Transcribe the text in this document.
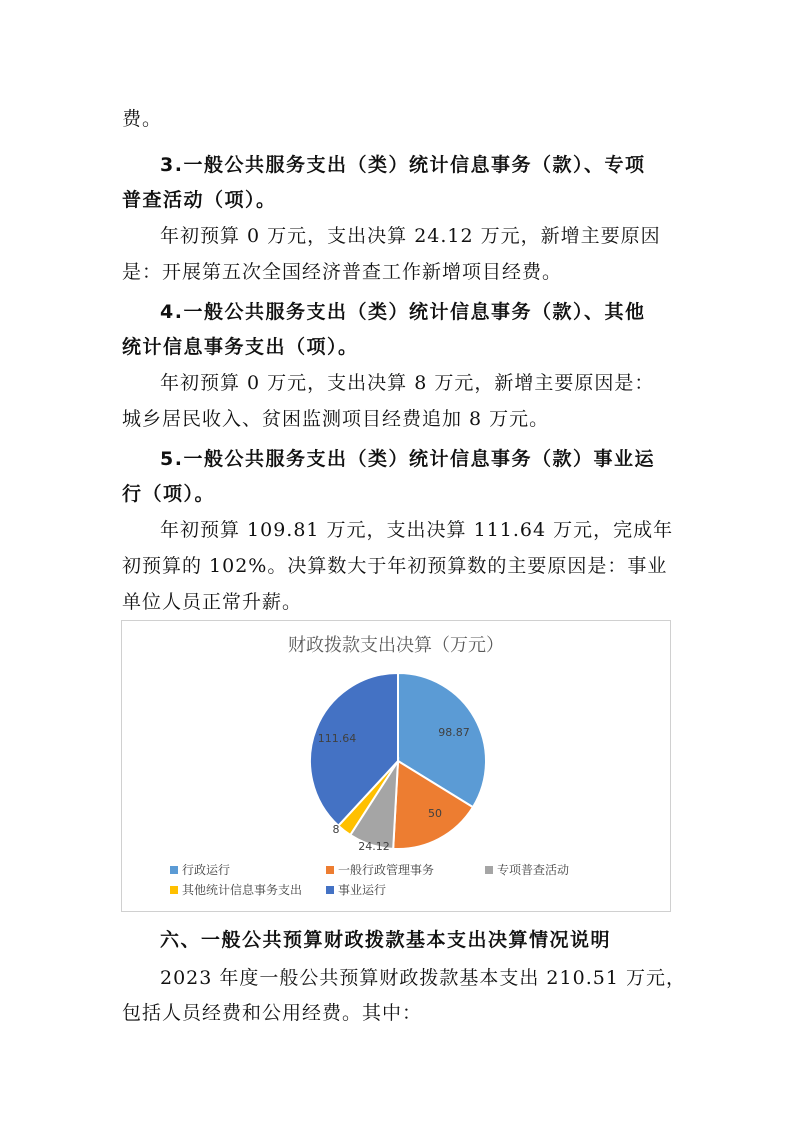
费。
3.一般公共服务支出（类）统计信息事务（款）、专项
普查活动（项）。
年初预算 0 万元，支出决算 24.12 万元，新增主要原因
是：开展第五次全国经济普查工作新增项目经费。
4.一般公共服务支出（类）统计信息事务（款）、其他
统计信息事务支出（项）。
年初预算 0 万元，支出决算 8 万元，新增主要原因是：
城乡居民收入、贫困监测项目经费追加 8 万元。
5.一般公共服务支出（类）统计信息事务（款）事业运
行（项）。
年初预算 109.81 万元，支出决算 111.64 万元，完成年
初预算的 102%。决算数大于年初预算数的主要原因是：事业
单位人员正常升薪。
财政拨款支出决算（万元）
98.87
50
24.12
8
111.64
行政运行	一般行政管理事务	专项普查活动
其他统计信息事务支出	事业运行
六、一般公共预算财政拨款基本支出决算情况说明
2023 年度一般公共预算财政拨款基本支出 210.51 万元，
包括人员经费和公用经费。其中：
